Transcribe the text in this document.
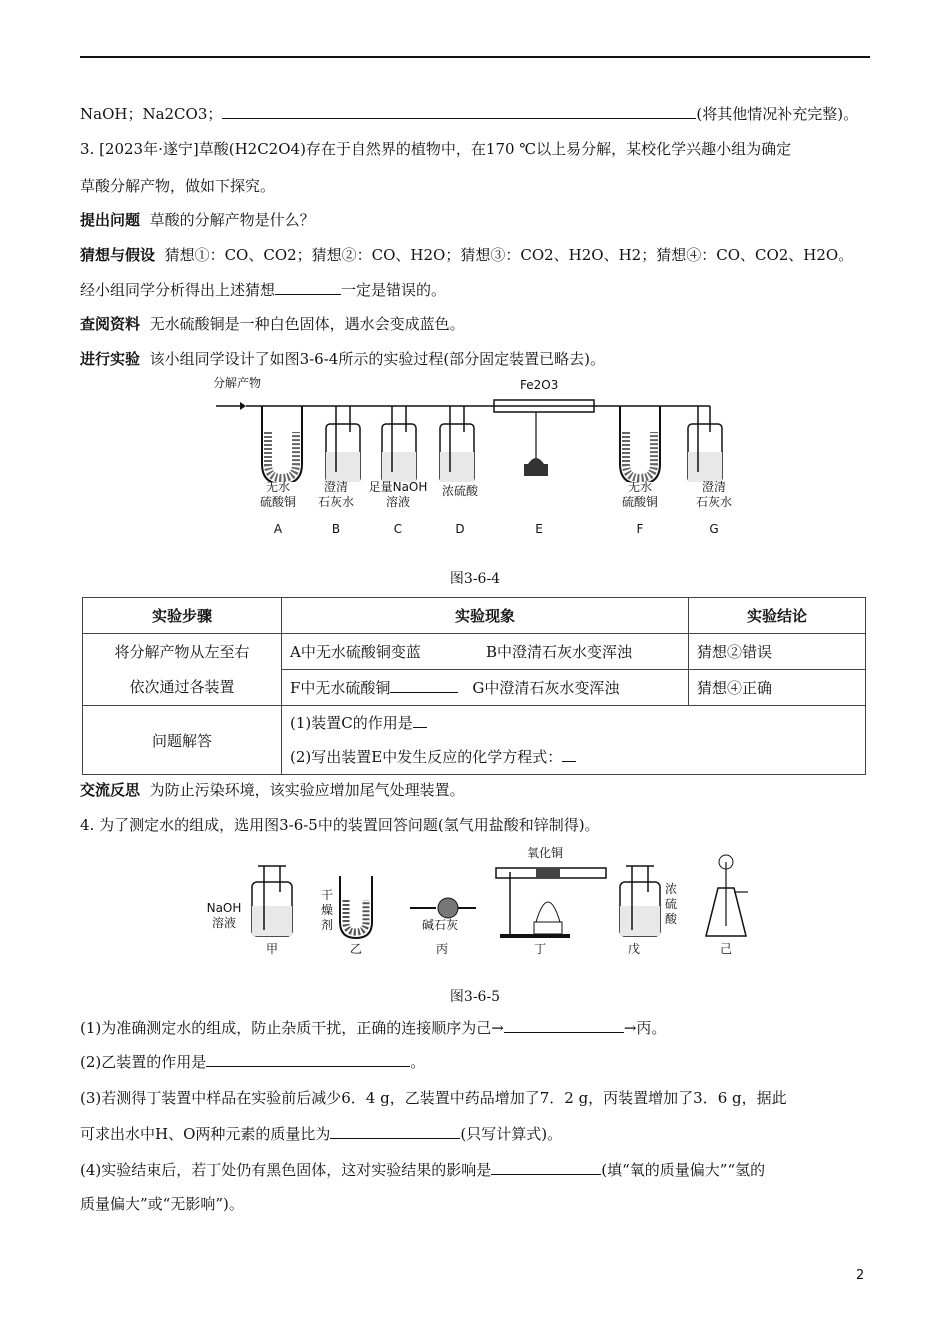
NaOH；Na2CO3；	(将其他情况补充完整)。
3. [2023年·遂宁]草酸(H2C2O4)存在于自然界的植物中，在170 ℃以上易分解，某校化学兴趣小组为确定
草酸分解产物，做如下探究。
提出问题 草酸的分解产物是什么？
猜想与假设 猜想①：CO、CO2；猜想②：CO、H2O；猜想③：CO2、H2O、H2；猜想④：CO、CO2、H2O。
经小组同学分析得出上述猜想	一定是错误的。
查阅资料 无水硫酸铜是一种白色固体，遇水会变成蓝色。
进行实验 该小组同学设计了如图3-6-4所示的实验过程(部分固定装置已略去)。
分解产物	Fe2O3
无水
硫酸铜
澄清
石灰水
足量NaOH
溶液
浓硫酸	无水
硫酸铜
澄清
石灰水
A	B	C	D	E	F	G
图3-6-4
实验步骤	实验现象	实验结论

将分解产物从左至右
依次通过各装置	A中无水硫酸铜变蓝 B中澄清石灰水变浑浊	猜想②错误
	F中无水硫酸铜 G中澄清石灰水变浑浊	猜想④正确
问题解答	(1)装置C的作用是
(2)写出装置E中发生反应的化学方程式：	
交流反思 为防止污染环境，该实验应增加尾气处理装置。
4. 为了测定水的组成，选用图3-6-5中的装置回答问题(氢气用盐酸和锌制得)。
NaOH
溶液
干
燥
剂	碱石灰
氧化铜
浓
硫
酸
甲	乙	丙	丁	戊	己
图3-6-5
(1)为准确测定水的组成，防止杂质干扰，正确的连接顺序为己→	→丙。
(2)乙装置的作用是	。
(3)若测得丁装置中样品在实验前后减少6．4 g，乙装置中药品增加了7．2 g，丙装置增加了3．6 g，据此
可求出水中H、O两种元素的质量比为	(只写计算式)。
(4)实验结束后，若丁处仍有黑色固体，这对实验结果的影响是	(填“氧的质量偏大”“氢的
质量偏大”或“无影响”)。
2
